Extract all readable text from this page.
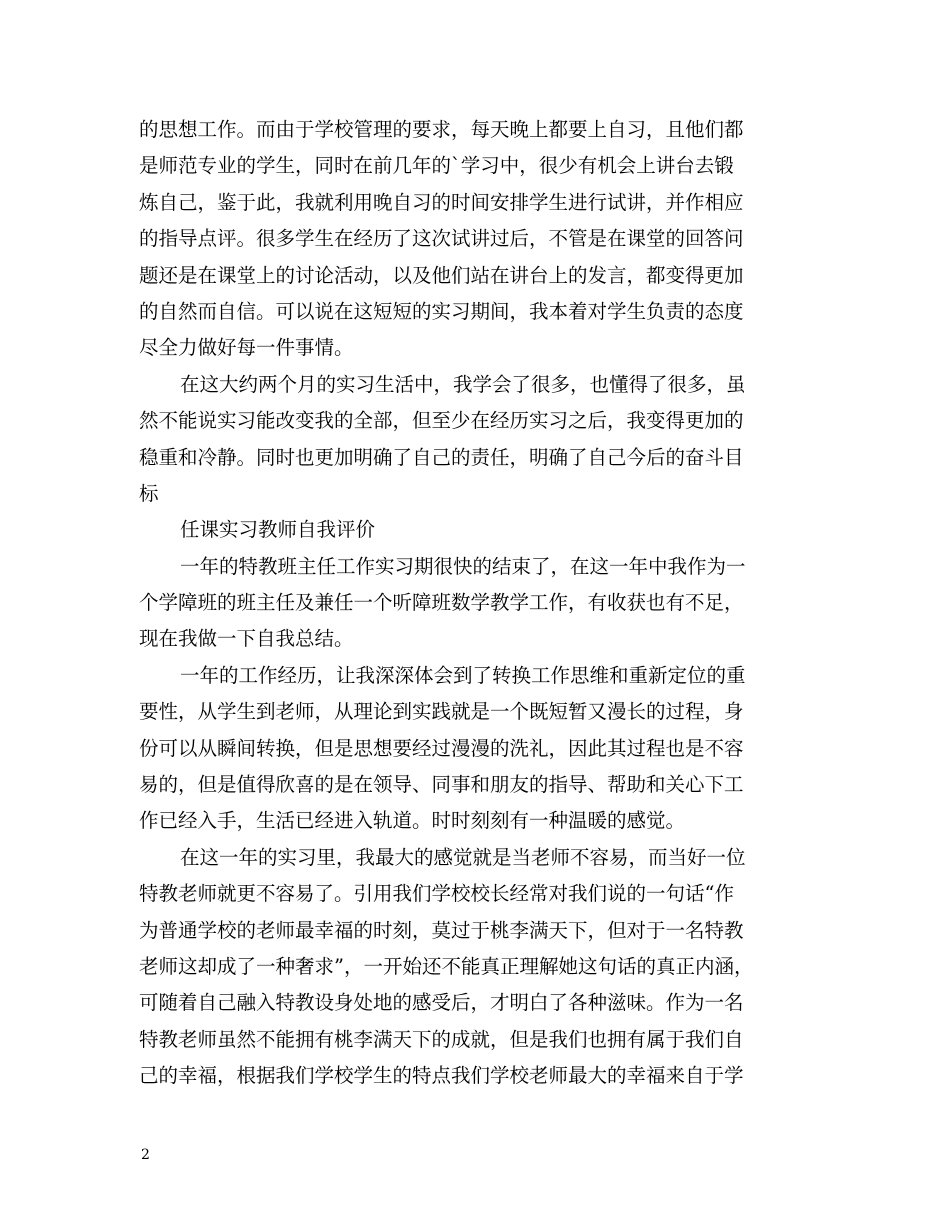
的思想工作。而由于学校管理的要求，每天晚上都要上自习，且他们都
是师范专业的学生，同时在前几年的`学习中，很少有机会上讲台去锻
炼自己，鉴于此，我就利用晚自习的时间安排学生进行试讲，并作相应
的指导点评。很多学生在经历了这次试讲过后，不管是在课堂的回答问
题还是在课堂上的讨论活动，以及他们站在讲台上的发言，都变得更加
的自然而自信。可以说在这短短的实习期间，我本着对学生负责的态度
尽全力做好每一件事情。
在这大约两个月的实习生活中，我学会了很多，也懂得了很多，虽
然不能说实习能改变我的全部，但至少在经历实习之后，我变得更加的
稳重和冷静。同时也更加明确了自己的责任，明确了自己今后的奋斗目
标
任课实习教师自我评价
一年的特教班主任工作实习期很快的结束了，在这一年中我作为一
个学障班的班主任及兼任一个听障班数学教学工作，有收获也有不足，
现在我做一下自我总结。
一年的工作经历，让我深深体会到了转换工作思维和重新定位的重
要性，从学生到老师，从理论到实践就是一个既短暂又漫长的过程，身
份可以从瞬间转换，但是思想要经过漫漫的洗礼，因此其过程也是不容
易的，但是值得欣喜的是在领导、同事和朋友的指导、帮助和关心下工
作已经入手，生活已经进入轨道。时时刻刻有一种温暖的感觉。
在这一年的实习里，我最大的感觉就是当老师不容易，而当好一位
特教老师就更不容易了。引用我们学校校长经常对我们说的一句话“作
为普通学校的老师最幸福的时刻，莫过于桃李满天下，但对于一名特教
老师这却成了一种奢求”，一开始还不能真正理解她这句话的真正内涵，
可随着自己融入特教设身处地的感受后，才明白了各种滋味。作为一名
特教老师虽然不能拥有桃李满天下的成就，但是我们也拥有属于我们自
己的幸福，根据我们学校学生的特点我们学校老师最大的幸福来自于学
2
